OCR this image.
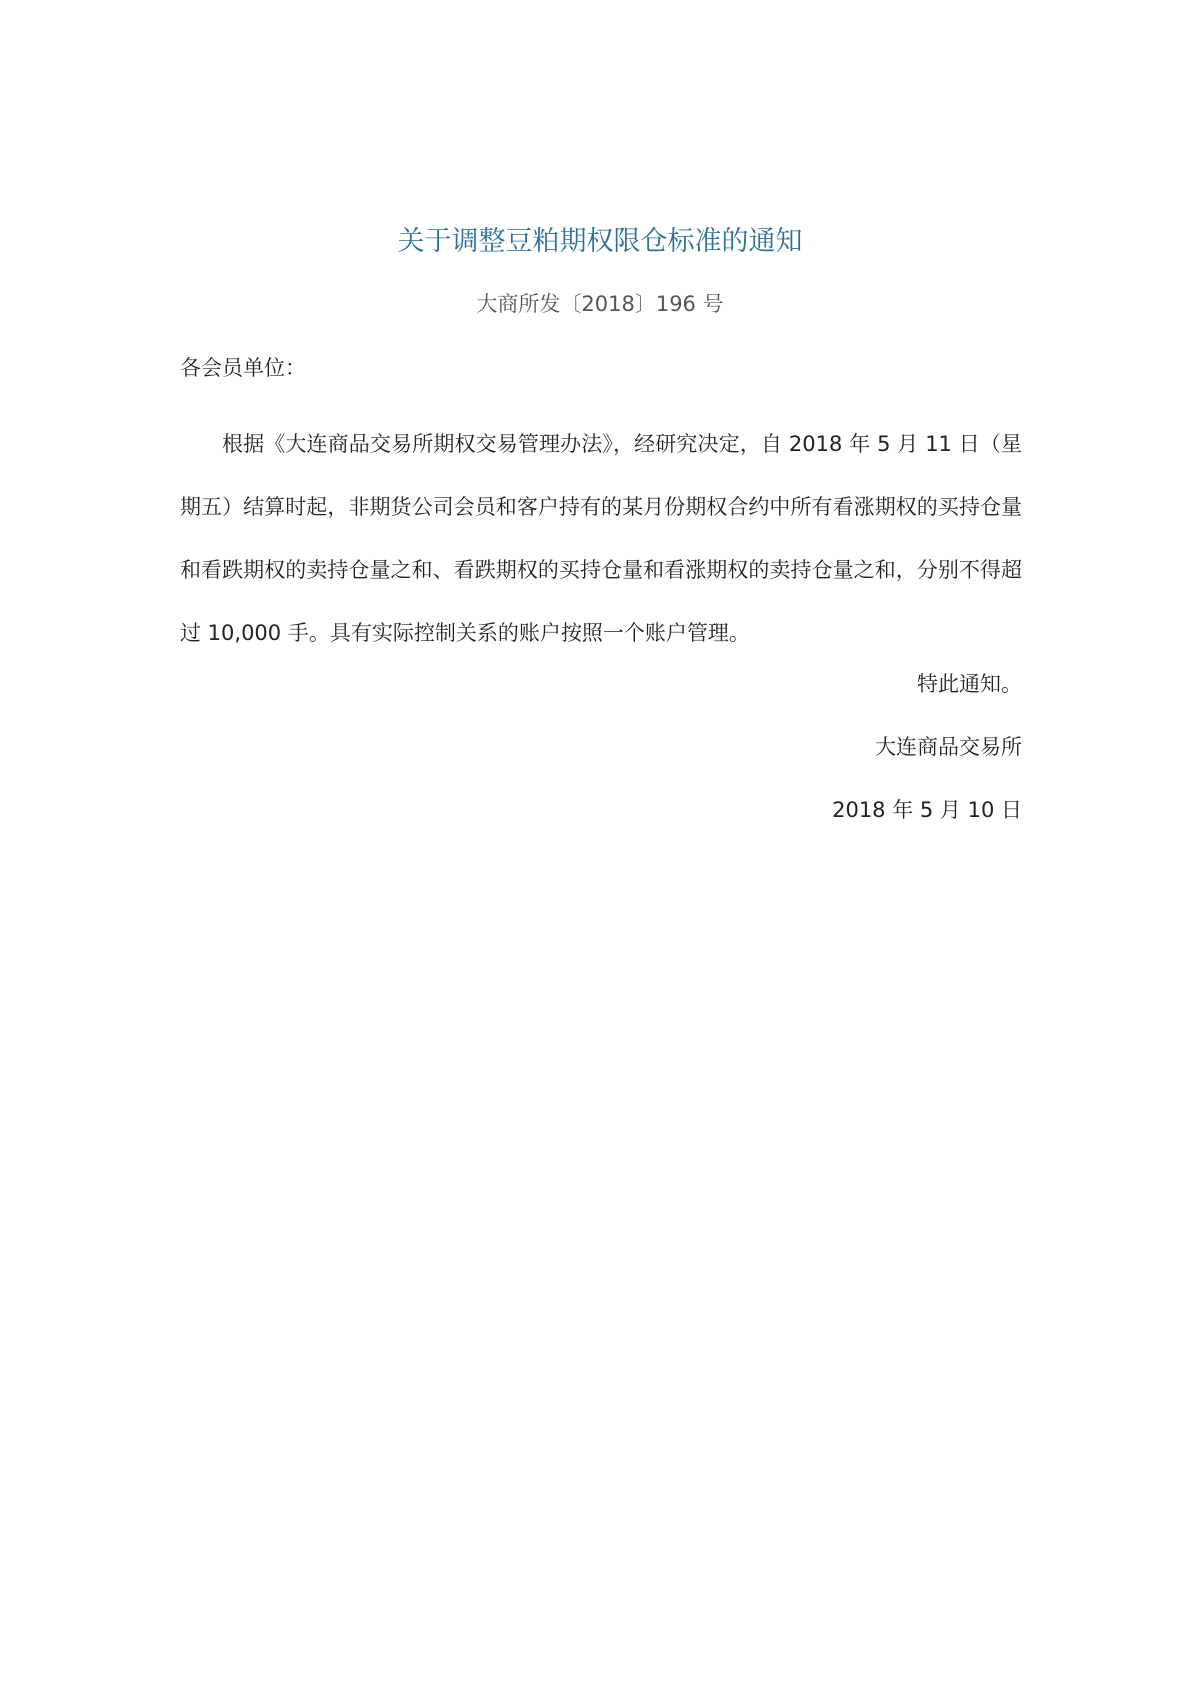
关于调整豆粕期权限仓标准的通知
大商所发〔2018〕196 号
各会员单位：

根据《大连商品交易所期权交易管理办法》，经研究决定，自 2018 年 5 月 11 日（星期五）结算时起，非期货公司会员和客户持有的某月份期权合约中所有看涨期权的买持仓量和看跌期权的卖持仓量之和、看跌期权的买持仓量和看涨期权的卖持仓量之和，分别不得超过 10,000 手。具有实际控制关系的账户按照一个账户管理。

特此通知。
大连商品交易所
2018 年 5 月 10 日
